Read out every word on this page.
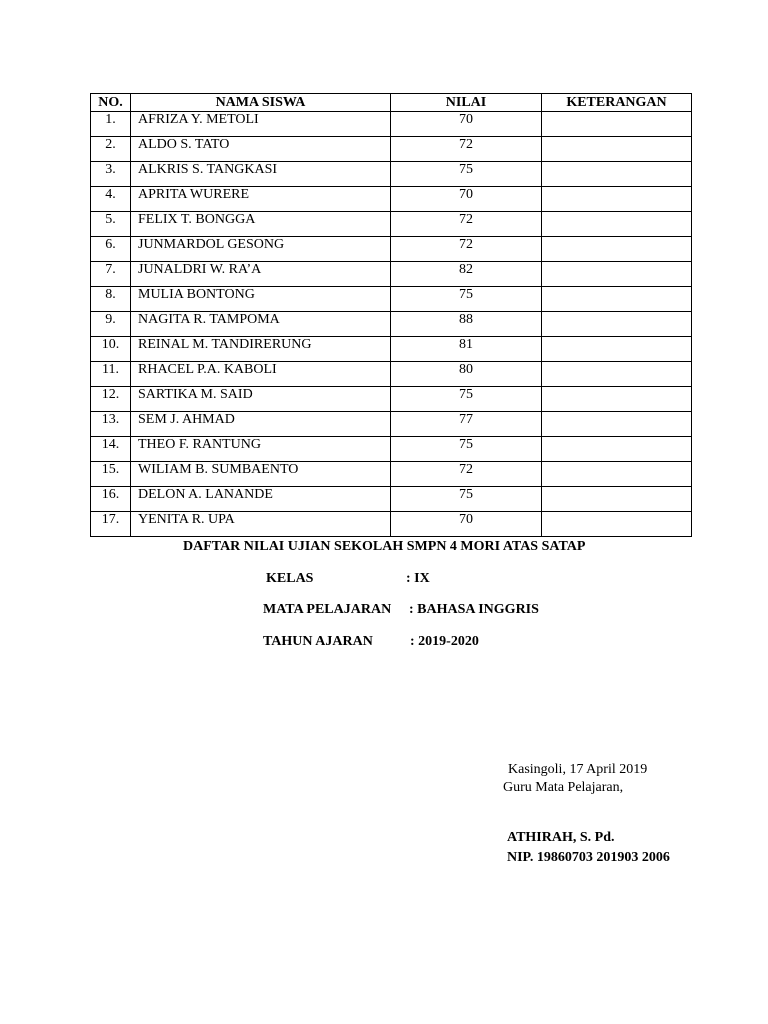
NO.	NAMA SISWA	NILAI	KETERANGAN
1.	AFRIZA Y. METOLI	70	
2.	ALDO S. TATO	72	
3.	ALKRIS S. TANGKASI	75	
4.	APRITA WURERE	70	
5.	FELIX T. BONGGA	72	
6.	JUNMARDOL GESONG	72	
7.	JUNALDRI W. RA’A	82	
8.	MULIA BONTONG	75	
9.	NAGITA R. TAMPOMA	88	
10.	REINAL M. TANDIRERUNG	81	
11.	RHACEL P.A. KABOLI	80	
12.	SARTIKA M. SAID	75	
13.	SEM J. AHMAD	77	
14.	THEO F. RANTUNG	75	
15.	WILIAM B. SUMBAENTO	72	
16.	DELON A. LANANDE	75	
17.	YENITA R. UPA	70	
DAFTAR NILAI UJIAN SEKOLAH SMPN 4 MORI ATAS SATAP
KELAS	: IX
MATA PELAJARAN : BAHASA INGGRIS
TAHUN AJARAN	: 2019-2020
Kasingoli, 17 April 2019
Guru Mata Pelajaran,
ATHIRAH, S. Pd.
NIP. 19860703 201903 2006
